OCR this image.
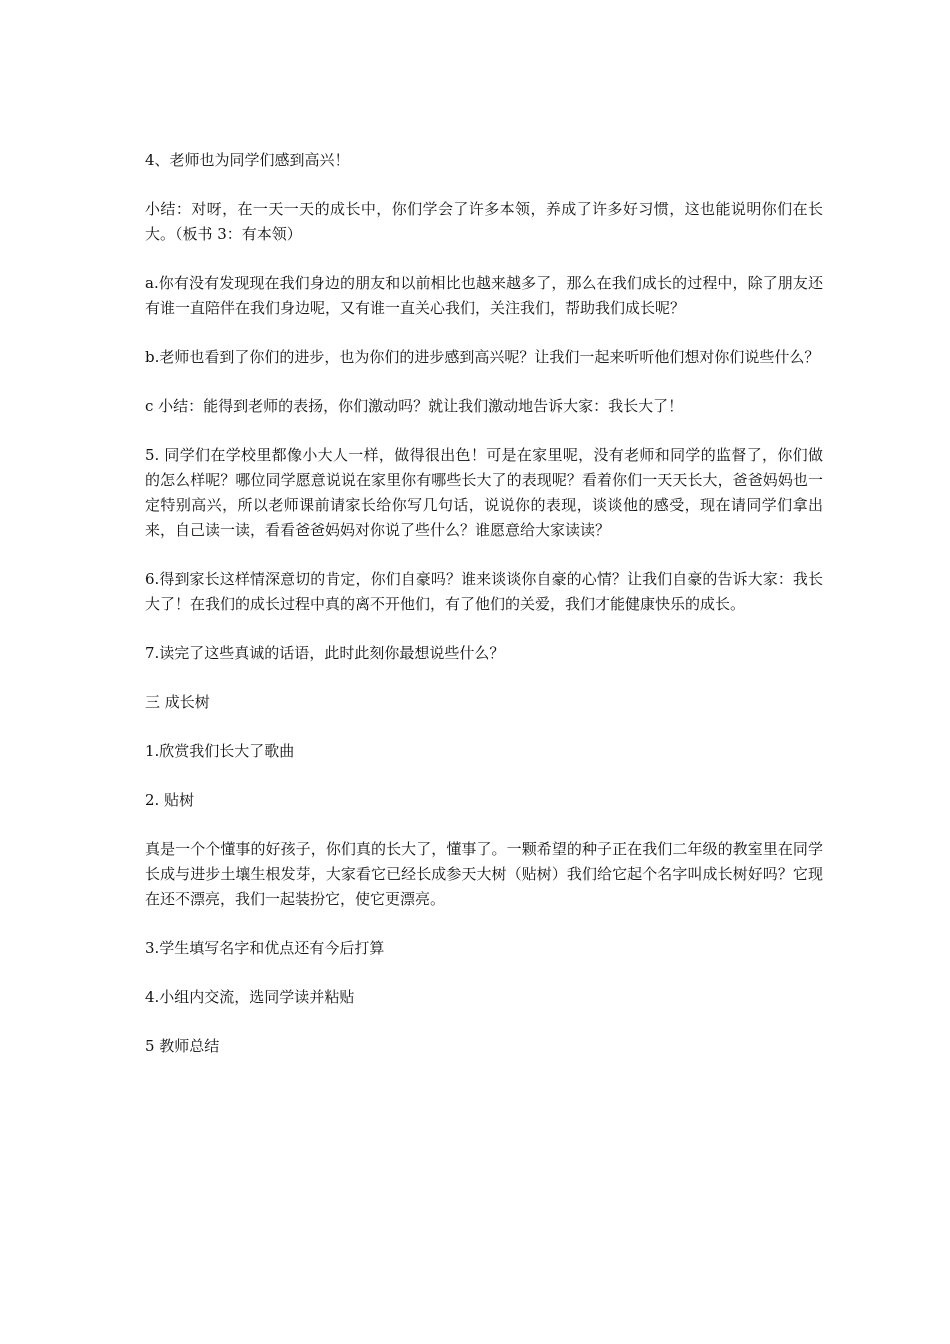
4、老师也为同学们感到高兴！

小结：对呀，在一天一天的成长中，你们学会了许多本领，养成了许多好习惯，这也能说明你们在长大。（板书 3：有本领）

a.你有没有发现现在我们身边的朋友和以前相比也越来越多了，那么在我们成长的过程中，除了朋友还有谁一直陪伴在我们身边呢，又有谁一直关心我们，关注我们，帮助我们成长呢？

b.老师也看到了你们的进步，也为你们的进步感到高兴呢？让我们一起来听听他们想对你们说些什么？

c 小结：能得到老师的表扬，你们激动吗？就让我们激动地告诉大家：我长大了！

5. 同学们在学校里都像小大人一样，做得很出色！可是在家里呢，没有老师和同学的监督了，你们做的怎么样呢？哪位同学愿意说说在家里你有哪些长大了的表现呢？看着你们一天天长大，爸爸妈妈也一定特别高兴，所以老师课前请家长给你写几句话，说说你的表现，谈谈他的感受，现在请同学们拿出来，自己读一读，看看爸爸妈妈对你说了些什么？谁愿意给大家读读？

6.得到家长这样情深意切的肯定，你们自豪吗？谁来谈谈你自豪的心情？让我们自豪的告诉大家：我长大了！在我们的成长过程中真的离不开他们，有了他们的关爱，我们才能健康快乐的成长。

7.读完了这些真诚的话语，此时此刻你最想说些什么？

三 成长树

1.欣赏我们长大了歌曲

2. 贴树

真是一个个懂事的好孩子，你们真的长大了，懂事了。一颗希望的种子正在我们二年级的教室里在同学长成与进步土壤生根发芽，大家看它已经长成参天大树（贴树）我们给它起个名字叫成长树好吗？它现在还不漂亮，我们一起装扮它，使它更漂亮。

3.学生填写名字和优点还有今后打算

4.小组内交流，选同学读并粘贴

5 教师总结
